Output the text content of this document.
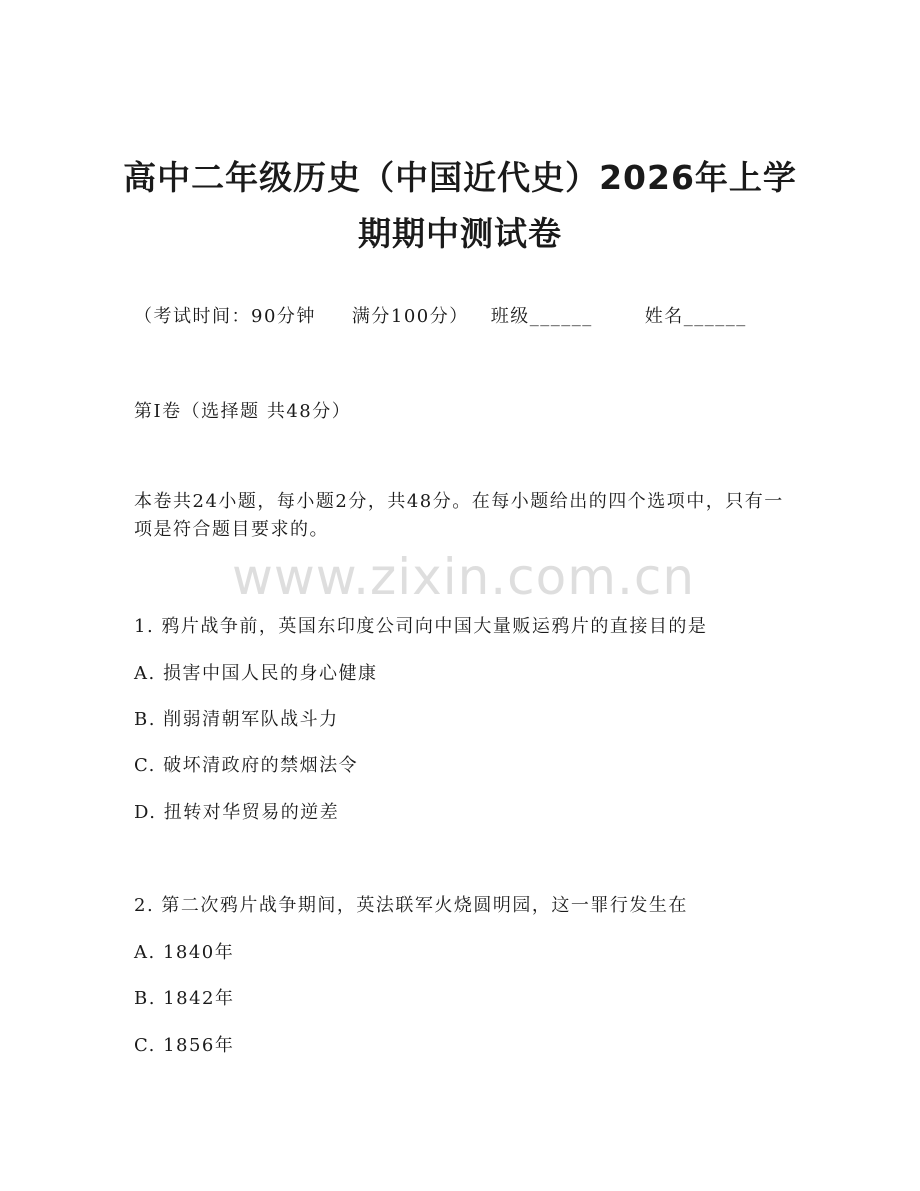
高中二年级历史（中国近代史）2026年上学
期期中测试卷
（考试时间：90分钟 满分100分） 班级______	姓名______
第Ⅰ卷（选择题 共48分）
本卷共24小题，每小题2分，共48分。在每小题给出的四个选项中，只有一项是符合题目要求的。
www.zixin.com.cn
1. 鸦片战争前，英国东印度公司向中国大量贩运鸦片的直接目的是
A. 损害中国人民的身心健康
B. 削弱清朝军队战斗力
C. 破坏清政府的禁烟法令
D. 扭转对华贸易的逆差
2. 第二次鸦片战争期间，英法联军火烧圆明园，这一罪行发生在
A. 1840年
B. 1842年
C. 1856年
